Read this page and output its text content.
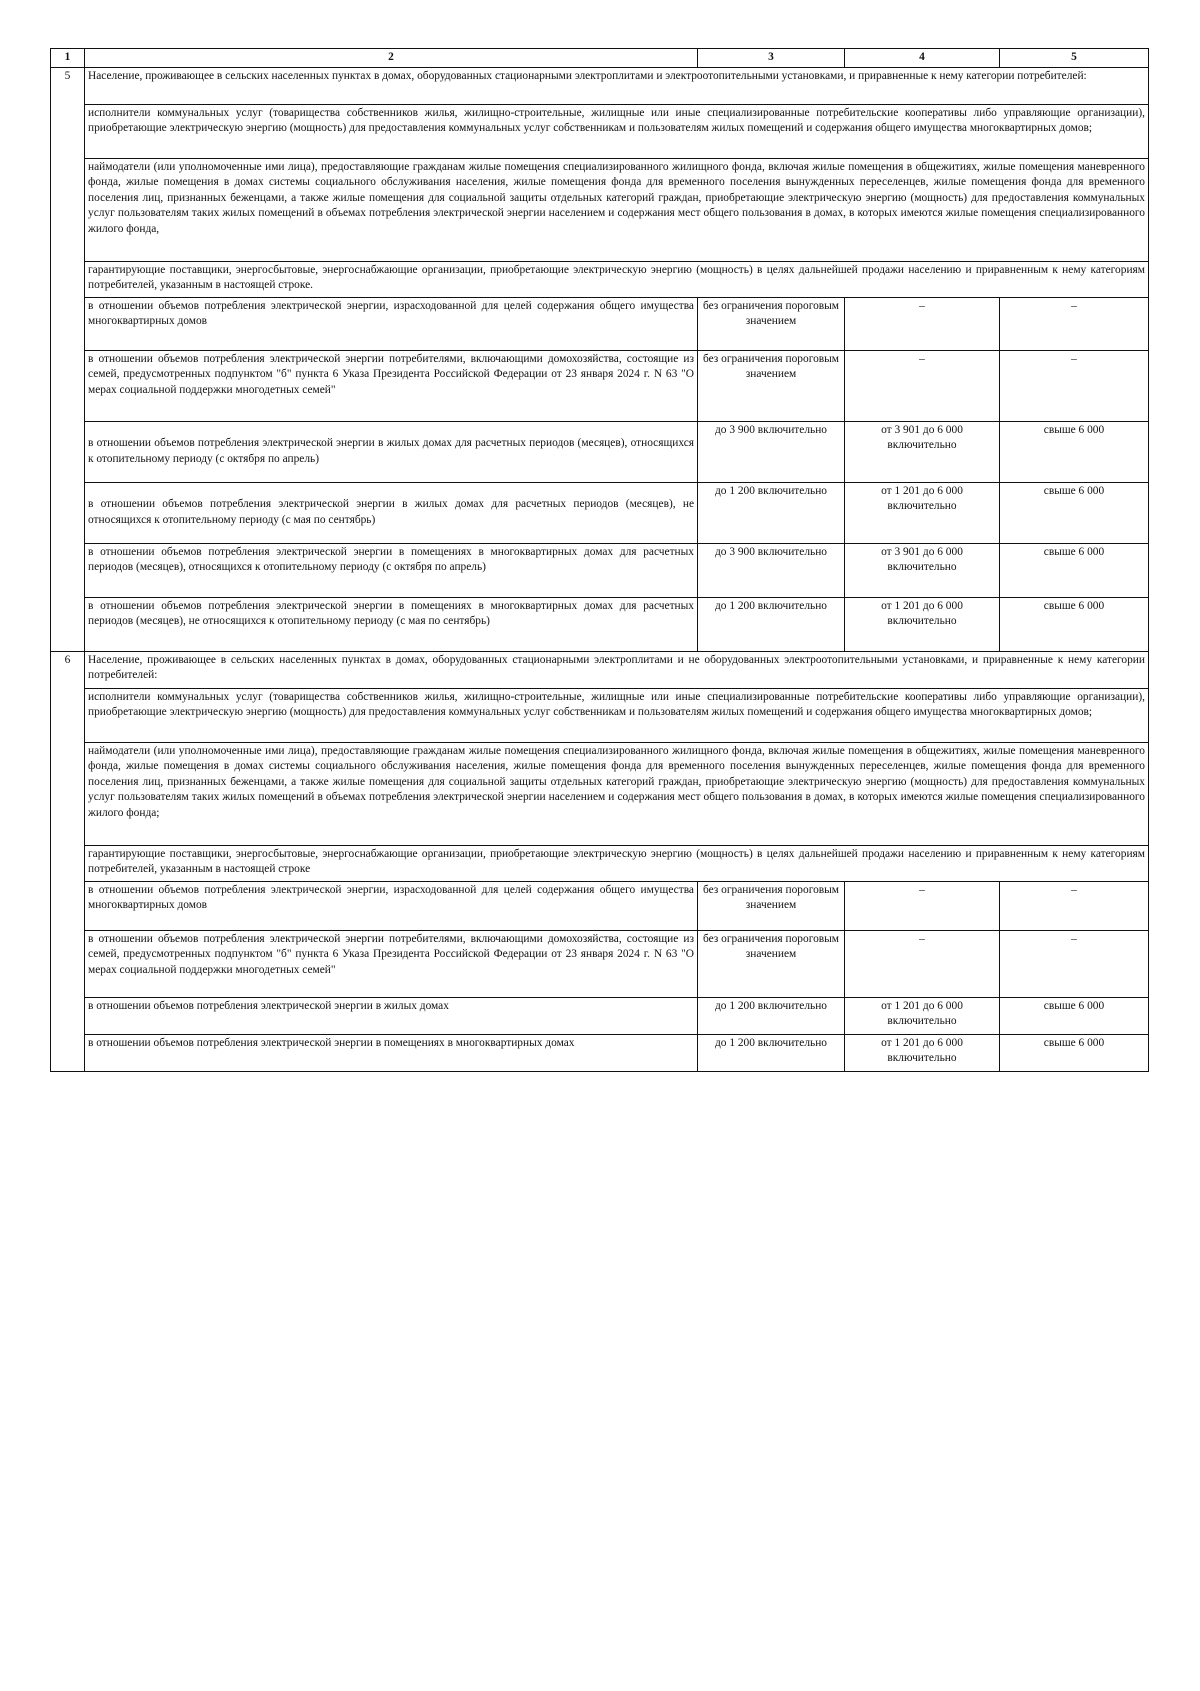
1	2	3	4	5
5	Население, проживающее в сельских населенных пунктах в домах, оборудованных стационарными электроплитами и электроотопительными установками, и приравненные к нему категории потребителей:			
	исполнители коммунальных услуг (товарищества собственников жилья, жилищно-строительные, жилищные или иные специализированные потребительские кооперативы либо управляющие организации), приобретающие электрическую энергию (мощность) для предоставления коммунальных услуг собственникам и пользователям жилых помещений и содержания общего имущества многоквартирных домов;			
	наймодатели (или уполномоченные ими лица), предоставляющие гражданам жилые помещения специализированного жилищного фонда, включая жилые помещения в общежитиях, жилые помещения маневренного фонда, жилые помещения в домах системы социального обслуживания населения, жилые помещения фонда для временного поселения вынужденных переселенцев, жилые помещения фонда для временного поселения лиц, признанных беженцами, а также жилые помещения для социальной защиты отдельных категорий граждан, приобретающие электрическую энергию (мощность) для предоставления коммунальных услуг пользователям таких жилых помещений в объемах потребления электрической энергии населением и содержания мест общего пользования в домах, в которых имеются жилые помещения специализированного жилого фонда,			
	гарантирующие поставщики, энергосбытовые, энергоснабжающие организации, приобретающие электрическую энергию (мощность) в целях дальнейшей продажи населению и приравненным к нему категориям потребителей, указанным в настоящей строке.			
	в отношении объемов потребления электрической энергии, израсходованной для целей содержания общего имущества многоквартирных домов	без ограничения пороговым значением	–	–
	в отношении объемов потребления электрической энергии потребителями, включающими домохозяйства, состоящие из семей, предусмотренных подпунктом "б" пункта 6 Указа Президента Российской Федерации от 23 января 2024 г. N 63 "О мерах социальной поддержки многодетных семей"	без ограничения пороговым значением	–	–
	в отношении объемов потребления электрической энергии в жилых домах для расчетных периодов (месяцев), относящихся к отопительному периоду (с октября по апрель)	до 3 900 включительно	от 3 901 до 6 000 включительно	свыше 6 000
	в отношении объемов потребления электрической энергии в жилых домах для расчетных периодов (месяцев), не относящихся к отопительному периоду (с мая по сентябрь)	до 1 200 включительно	от 1 201 до 6 000 включительно	свыше 6 000
	в отношении объемов потребления электрической энергии в помещениях в многоквартирных домах для расчетных периодов (месяцев), относящихся к отопительному периоду (с октября по апрель)	до 3 900 включительно	от 3 901 до 6 000 включительно	свыше 6 000
	в отношении объемов потребления электрической энергии в помещениях в многоквартирных домах для расчетных периодов (месяцев), не относящихся к отопительному периоду (с мая по сентябрь)	до 1 200 включительно	от 1 201 до 6 000 включительно	свыше 6 000
6	Население, проживающее в сельских населенных пунктах в домах, оборудованных стационарными электроплитами и не оборудованных электроотопительными установками, и приравненные к нему категории потребителей:			
	исполнители коммунальных услуг (товарищества собственников жилья, жилищно-строительные, жилищные или иные специализированные потребительские кооперативы либо управляющие организации), приобретающие электрическую энергию (мощность) для предоставления коммунальных услуг собственникам и пользователям жилых помещений и содержания общего имущества многоквартирных домов;			
	наймодатели (или уполномоченные ими лица), предоставляющие гражданам жилые помещения специализированного жилищного фонда, включая жилые помещения в общежитиях, жилые помещения маневренного фонда, жилые помещения в домах системы социального обслуживания населения, жилые помещения фонда для временного поселения вынужденных переселенцев, жилые помещения фонда для временного поселения лиц, признанных беженцами, а также жилые помещения для социальной защиты отдельных категорий граждан, приобретающие электрическую энергию (мощность) для предоставления коммунальных услуг пользователям таких жилых помещений в объемах потребления электрической энергии населением и содержания мест общего пользования в домах, в которых имеются жилые помещения специализированного жилого фонда;			
	гарантирующие поставщики, энергосбытовые, энергоснабжающие организации, приобретающие электрическую энергию (мощность) в целях дальнейшей продажи населению и приравненным к нему категориям потребителей, указанным в настоящей строке			
	в отношении объемов потребления электрической энергии, израсходованной для целей содержания общего имущества многоквартирных домов	без ограничения пороговым значением	–	–
	в отношении объемов потребления электрической энергии потребителями, включающими домохозяйства, состоящие из семей, предусмотренных подпунктом "б" пункта 6 Указа Президента Российской Федерации от 23 января 2024 г. N 63 "О мерах социальной поддержки многодетных семей"	без ограничения пороговым значением	–	–
	в отношении объемов потребления электрической энергии в жилых домах	до 1 200 включительно	от 1 201 до 6 000 включительно	свыше 6 000
	в отношении объемов потребления электрической энергии в помещениях в многоквартирных домах	до 1 200 включительно	от 1 201 до 6 000 включительно	свыше 6 000
